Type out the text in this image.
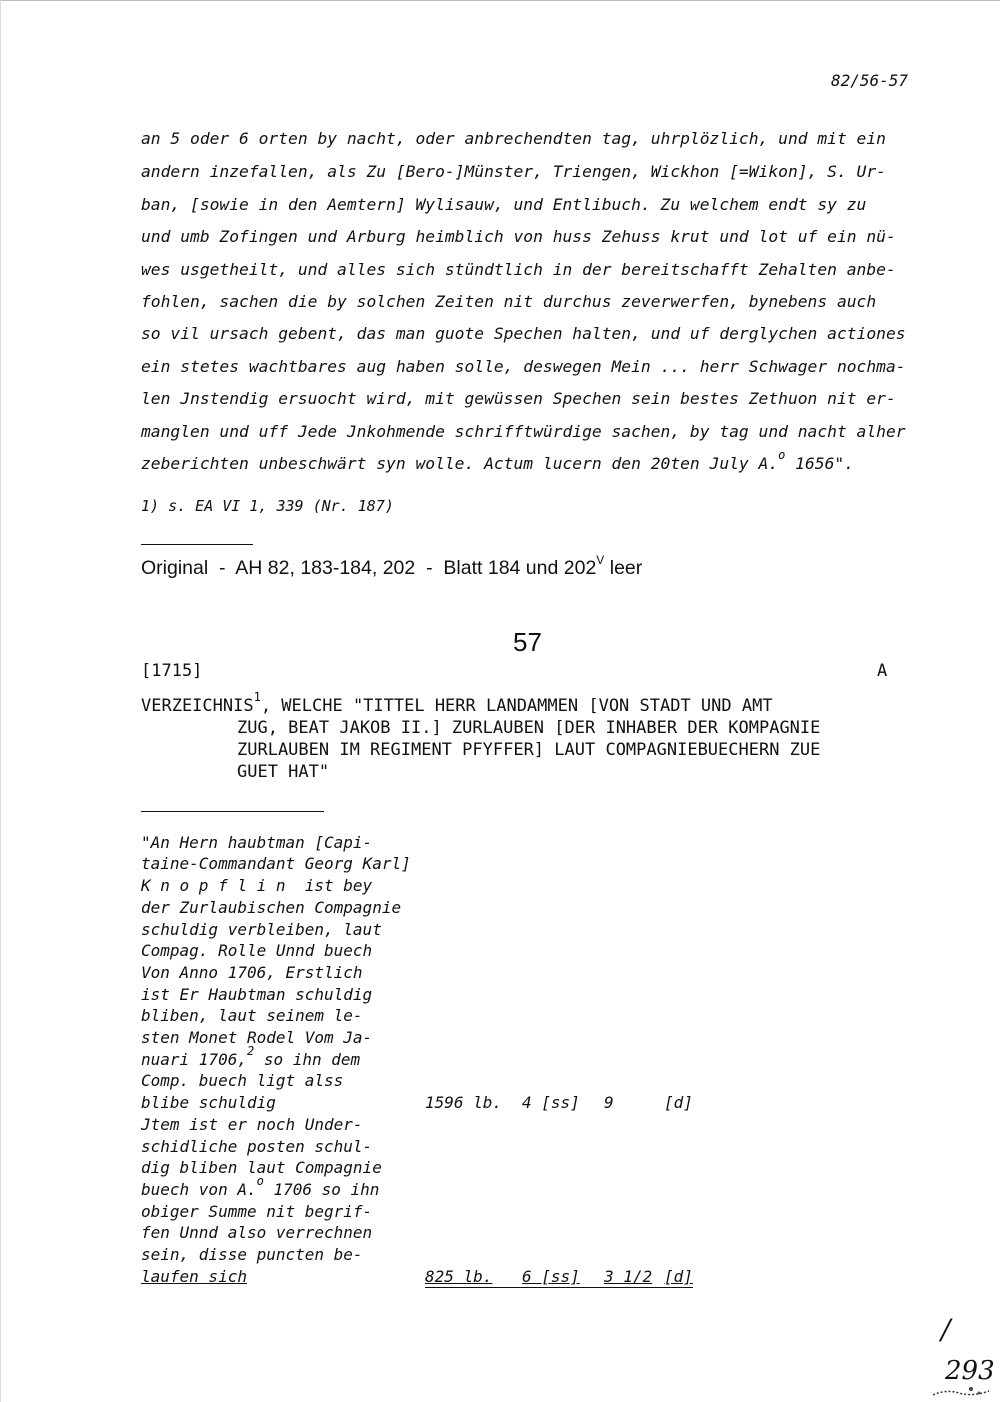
82/56-57
an 5 oder 6 orten by nacht, oder anbrechendten tag, uhrplözlich, und mit ein
andern inzefallen, als Zu [Bero-]Münster, Triengen, Wickhon [=Wikon], S. Ur-
ban, [sowie in den Aemtern] Wylisauw, und Entlibuch. Zu welchem endt sy zu
und umb Zofingen und Arburg heimblich von huss Zehuss krut und lot uf ein nü-
wes usgetheilt, und alles sich stündtlich in der bereitschafft Zehalten anbe-
fohlen, sachen die by solchen Zeiten nit durchus zeverwerfen, bynebens auch
so vil ursach gebent, das man guote Spechen halten, und uf derglychen actiones
ein stetes wachtbares aug haben solle, deswegen Mein ... herr Schwager nochma-
len Jnstendig ersuocht wird, mit gewüssen Spechen sein bestes Zethuon nit er-
manglen und uff Jede Jnkohmende schrifftwürdige sachen, by tag und nacht alher
zeberichten unbeschwärt syn wolle. Actum lucern den 20ten July A.$^o$ 1656".
1) s. EA VI 1, 339 (Nr. 187)
Original  -  AH 82, 183-184, 202  -  Blatt 184 und $202^V$ leer
57
[1715]	A
VERZEICHNIS$^1$, WELCHE "TITTEL HERR LANDAMMEN [VON STADT UND AMT
ZUG, BEAT JAKOB II.] ZURLAUBEN [DER INHABER DER KOMPAGNIE
ZURLAUBEN IM REGIMENT PFYFFER] LAUT COMPAGNIEBUECHERN ZUE
GUET HAT"
"An Hern haubtman [Capi-
taine-Commandant Georg Karl]
K n o p f l i n  ist bey
der Zurlaubischen Compagnie
schuldig verbleiben, laut
Compag. Rolle Unnd buech
Von Anno 1706, Erstlich
ist Er Haubtman schuldig
bliben, laut seinem le-
sten Monet Rodel Vom Ja-
nuari 1706,$^2$ so ihn dem
Comp. buech ligt alss
blibe schuldig
Jtem ist er noch Under-
schidliche posten schul-
dig bliben laut Compagnie
buech von A.$^o$ 1706 so ihn
obiger Summe nit begrif-
fen Unnd also verrechnen
sein, disse puncten be-
laufen sich
1596 lb. 4 [ss] 9	[d]
825 lb. 6 [ss] 3 1/2 [d]
/
293
